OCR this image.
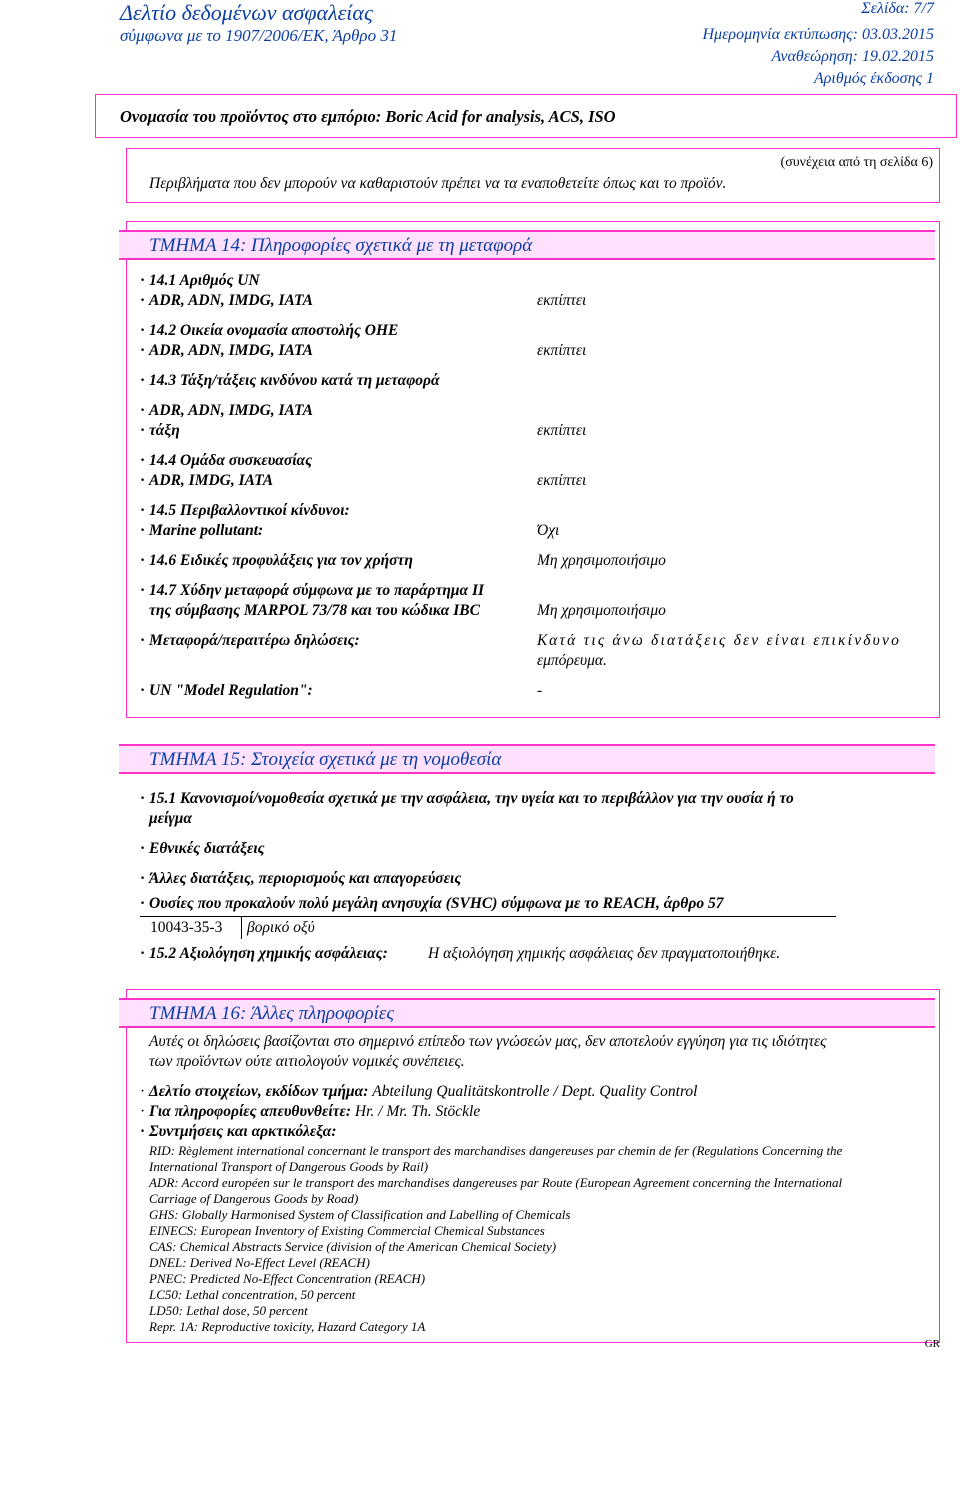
Δελτίο δεδομένων ασφαλείας
σύμφωνα με το 1907/2006/ΕΚ, Άρθρο 31
Σελίδα: 7/7
Ημερομηνία εκτύπωσης: 03.03.2015
Αναθεώρηση: 19.02.2015
Αριθμός έκδοσης 1
Ονομασία του προϊόντος στο εμπόριο: Boric Acid for analysis, ACS, ISO
(συνέχεια από τη σελίδα 6)
Περιβλήματα που δεν μπορούν να καθαριστούν πρέπει να τα εναποθετείτε όπως και το προϊόν.
ΤΜΗΜΑ 14: Πληροφορίες σχετικά με τη μεταφορά
· 14.1 Αριθμός UN
· ADR, ADN, IMDG, IATA	εκπίπτει
· 14.2 Οικεία ονομασία αποστολής ΟΗΕ
· ADR, ADN, IMDG, IATA	εκπίπτει
· 14.3 Τάξη/τάξεις κινδύνου κατά τη μεταφορά
· ADR, ADN, IMDG, IATA
· τάξη	εκπίπτει
· 14.4 Ομάδα συσκευασίας
· ADR, IMDG, IATA	εκπίπτει
· 14.5 Περιβαλλοντικοί κίνδυνοι:
· Marine pollutant:	Όχι
· 14.6 Ειδικές προφυλάξεις για τον χρήστη	Μη χρησιμοποιήσιμο
· 14.7 Χύδην μεταφορά σύμφωνα με το παράρτημα II
της σύμβασης MARPOL 73/78 και του κώδικα IBC	Μη χρησιμοποιήσιμο
· Μεταφορά/περαιτέρω δηλώσεις:	Κατά τις άνω διατάξεις δεν είναι επικίνδυνο
εμπόρευμα.
· UN "Model Regulation":	-
ΤΜΗΜΑ 15: Στοιχεία σχετικά με τη νομοθεσία
· 15.1 Κανονισμοί/νομοθεσία σχετικά με την ασφάλεια, την υγεία και το περιβάλλον για την ουσία ή το
μείγμα
· Εθνικές διατάξεις
· Άλλες διατάξεις, περιορισμούς και απαγορεύσεις
· Ουσίες που προκαλούν πολύ μεγάλη ανησυχία (SVHC) σύμφωνα με το REACH, άρθρο 57
10043-35-3 βορικό οξύ
· 15.2 Αξιολόγηση χημικής ασφάλειας:	Η αξιολόγηση χημικής ασφάλειας δεν πραγματοποιήθηκε.
ΤΜΗΜΑ 16: Άλλες πληροφορίες
Αυτές οι δηλώσεις βασίζονται στο σημερινό επίπεδο των γνώσεών μας, δεν αποτελούν εγγύηση για τις ιδιότητες
των προϊόντων ούτε αιτιολογούν νομικές συνέπειες.
· Δελτίο στοιχείων, εκδίδων τμήμα: Abteilung Qualitätskontrolle / Dept. Quality Control
· Για πληροφορίες απευθυνθείτε: Hr. / Mr. Th. Stöckle
· Συντμήσεις και αρκτικόλεξα:
RID: Règlement international concernant le transport des marchandises dangereuses par chemin de fer (Regulations Concerning the
International Transport of Dangerous Goods by Rail)
ADR: Accord européen sur le transport des marchandises dangereuses par Route (European Agreement concerning the International
Carriage of Dangerous Goods by Road)
GHS: Globally Harmonised System of Classification and Labelling of Chemicals
EINECS: European Inventory of Existing Commercial Chemical Substances
CAS: Chemical Abstracts Service (division of the American Chemical Society)
DNEL: Derived No-Effect Level (REACH)
PNEC: Predicted No-Effect Concentration (REACH)
LC50: Lethal concentration, 50 percent
LD50: Lethal dose, 50 percent
Repr. 1A: Reproductive toxicity, Hazard Category 1A
GR
